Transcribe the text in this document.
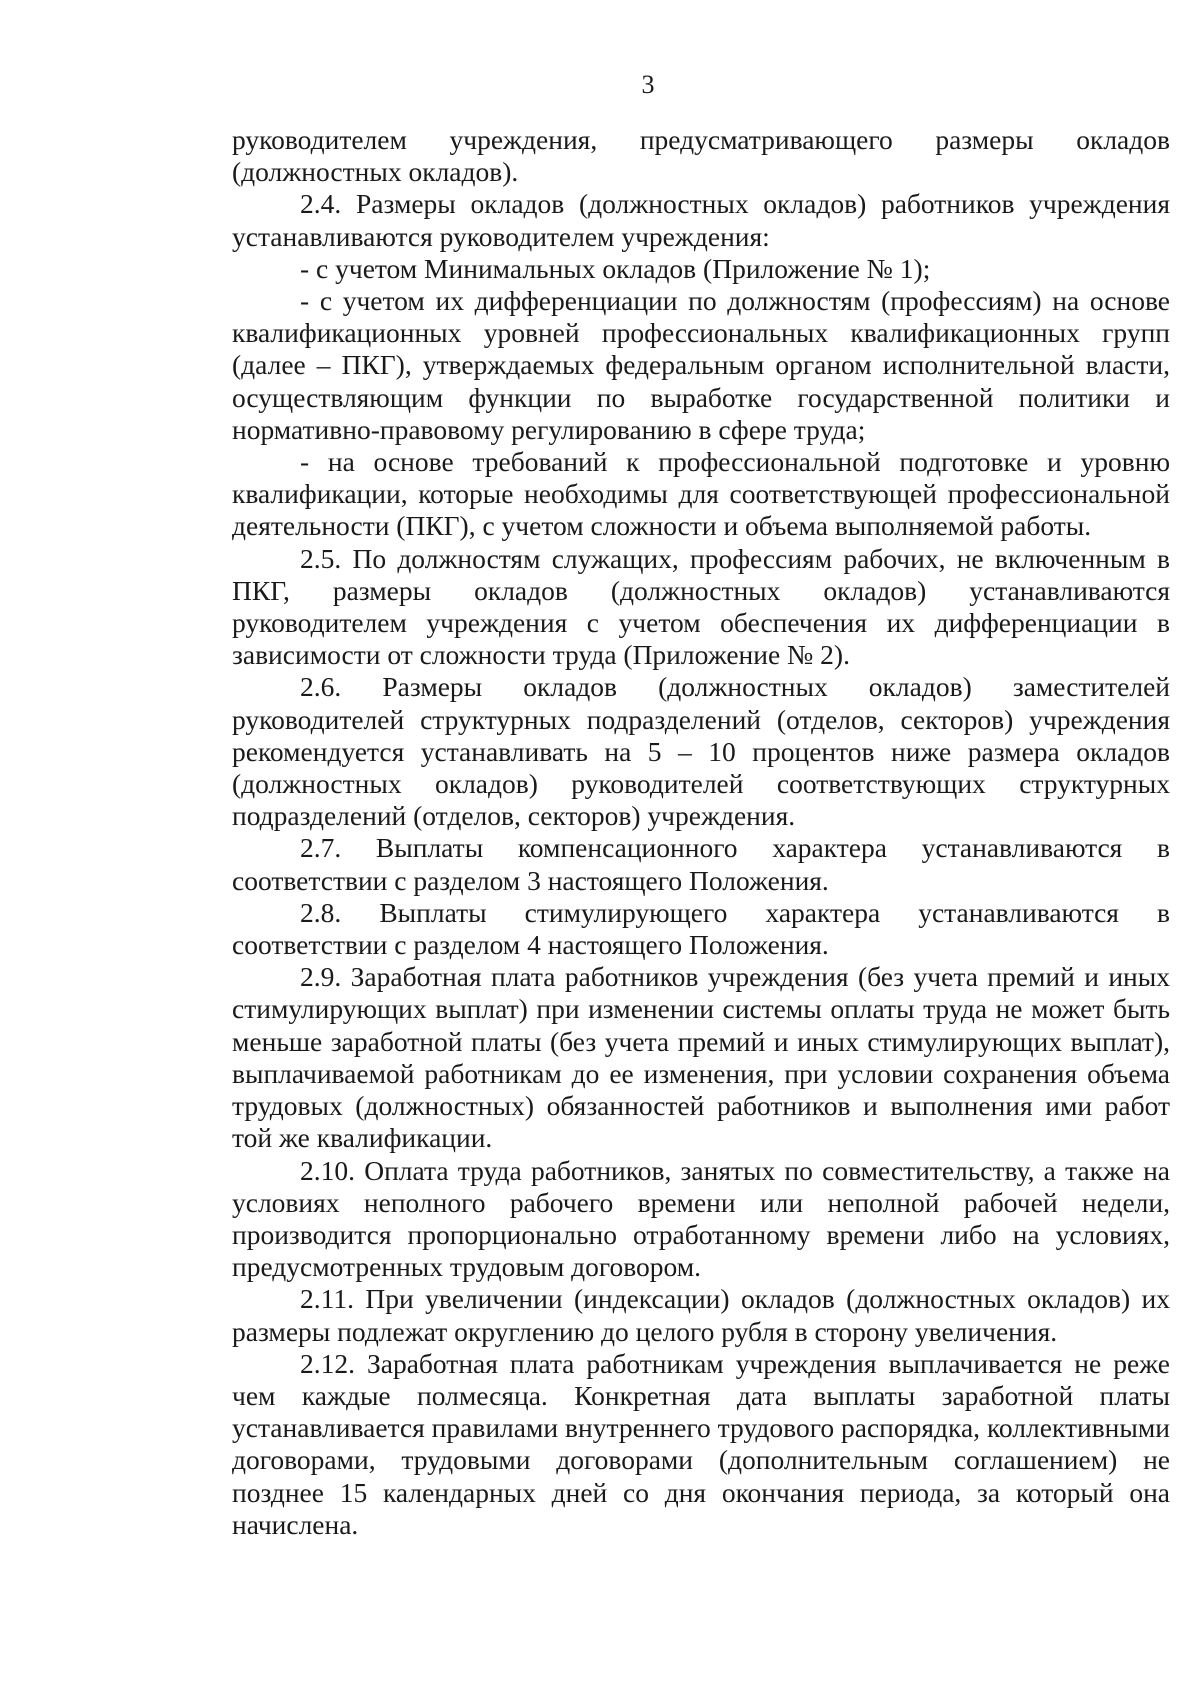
3

руководителем учреждения, предусматривающего размеры окладов (должностных окладов).

2.4. Размеры окладов (должностных окладов) работников учреждения устанавливаются руководителем учреждения:

- с учетом Минимальных окладов (Приложение № 1);

- с учетом их дифференциации по должностям (профессиям) на основе квалификационных уровней профессиональных квалификационных групп (далее – ПКГ), утверждаемых федеральным органом исполнительной власти, осуществляющим функции по выработке государственной политики и нормативно-правовому регулированию в сфере труда;

- на основе требований к профессиональной подготовке и уровню квалификации, которые необходимы для соответствующей профессиональной деятельности (ПКГ), с учетом сложности и объема выполняемой работы.

2.5. По должностям служащих, профессиям рабочих, не включенным в ПКГ, размеры окладов (должностных окладов) устанавливаются руководителем учреждения с учетом обеспечения их дифференциации в зависимости от сложности труда (Приложение № 2).

2.6. Размеры окладов (должностных окладов) заместителей руководителей структурных подразделений (отделов, секторов) учреждения рекомендуется устанавливать на 5 – 10 процентов ниже размера окладов (должностных окладов) руководителей соответствующих структурных подразделений (отделов, секторов) учреждения.

2.7. Выплаты компенсационного характера устанавливаются в соответствии с разделом 3 настоящего Положения.

2.8. Выплаты стимулирующего характера устанавливаются в соответствии с разделом 4 настоящего Положения.

2.9. Заработная плата работников учреждения (без учета премий и иных стимулирующих выплат) при изменении системы оплаты труда не может быть меньше заработной платы (без учета премий и иных стимулирующих выплат), выплачиваемой работникам до ее изменения, при условии сохранения объема трудовых (должностных) обязанностей работников и выполнения ими работ той же квалификации.

2.10. Оплата труда работников, занятых по совместительству, а также на условиях неполного рабочего времени или неполной рабочей недели, производится пропорционально отработанному времени либо на условиях, предусмотренных трудовым договором.

2.11. При увеличении (индексации) окладов (должностных окладов) их размеры подлежат округлению до целого рубля в сторону увеличения.

2.12. Заработная плата работникам учреждения выплачивается не реже чем каждые полмесяца. Конкретная дата выплаты заработной платы устанавливается правилами внутреннего трудового распорядка, коллективными договорами, трудовыми договорами (дополнительным соглашением) не позднее 15 календарных дней со дня окончания периода, за который она начислена.
